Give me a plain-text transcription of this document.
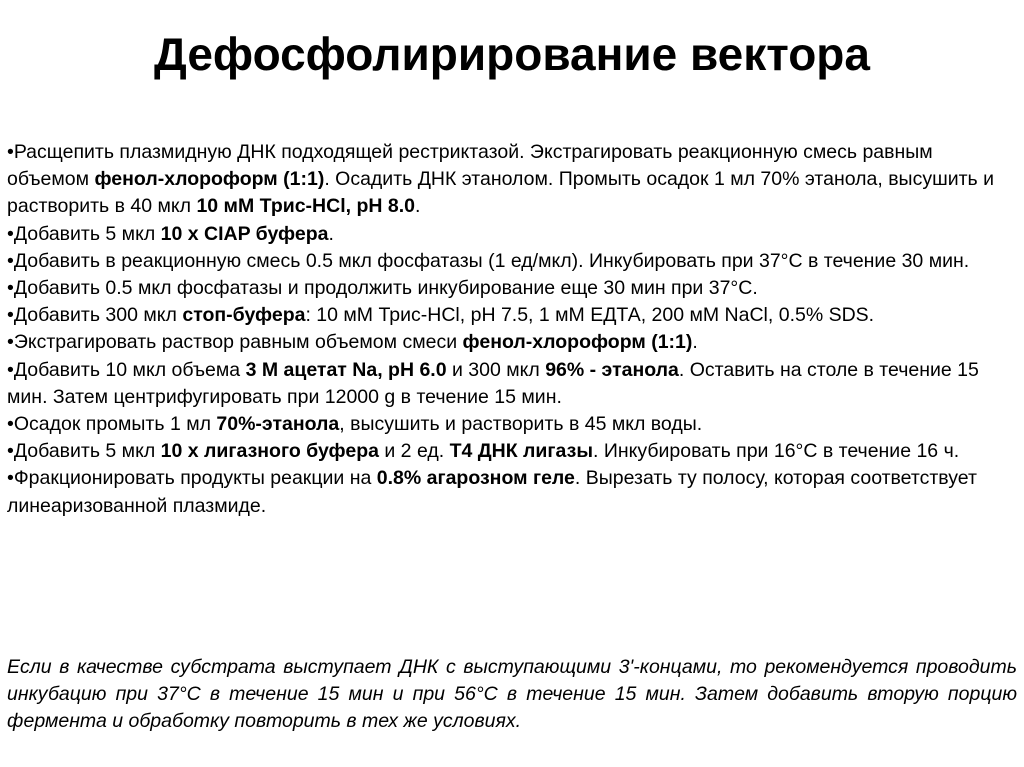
Дефосфолирирование вектора

•Расщепить плазмидную ДНК подходящей рестриктазой. Экстрагировать реакционную смесь равным объемом фенол-хлороформ (1:1). Осадить ДНК этанолом. Промыть осадок 1 мл 70% этанола, высушить и растворить в 40 мкл 10 мМ Трис-HCl, pH 8.0.

•Добавить 5 мкл 10 x CIAP буфера.

•Добавить в реакционную смесь 0.5 мкл фосфатазы (1 ед/мкл). Инкубировать при 37°С в течение 30 мин.

•Добавить 0.5 мкл фосфатазы и продолжить инкубирование еще 30 мин при 37°С.

•Добавить 300 мкл стоп-буфера: 10 мМ Трис-HCl, pH 7.5, 1 мМ ЕДТА, 200 мМ NaCl, 0.5% SDS.

•Экстрагировать раствор равным объемом смеси фенол-хлороформ (1:1).

•Добавить 10 мкл объема 3 М ацетат Na, pH 6.0 и 300 мкл 96% - этанола. Оставить на столе в течение 15 мин. Затем центрифугировать при 12000 g в течение 15 мин.

•Осадок промыть 1 мл 70%-этанола, высушить и растворить в 45 мкл воды.

•Добавить 5 мкл 10 х лигазного буфера и 2 ед. Т4 ДНК лигазы. Инкубировать при 16°С в течение 16 ч.

•Фракционировать продукты реакции на 0.8% агарозном геле. Вырезать ту полосу, которая соответствует линеаризованной плазмиде.

Если в качестве субстрата выступает ДНК с выступающими 3'-концами, то рекомендуется проводить инкубацию при 37°С в течение 15 мин и при 56°С в течение 15 мин. Затем добавить вторую порцию фермента и обработку повторить в тех же условиях.
